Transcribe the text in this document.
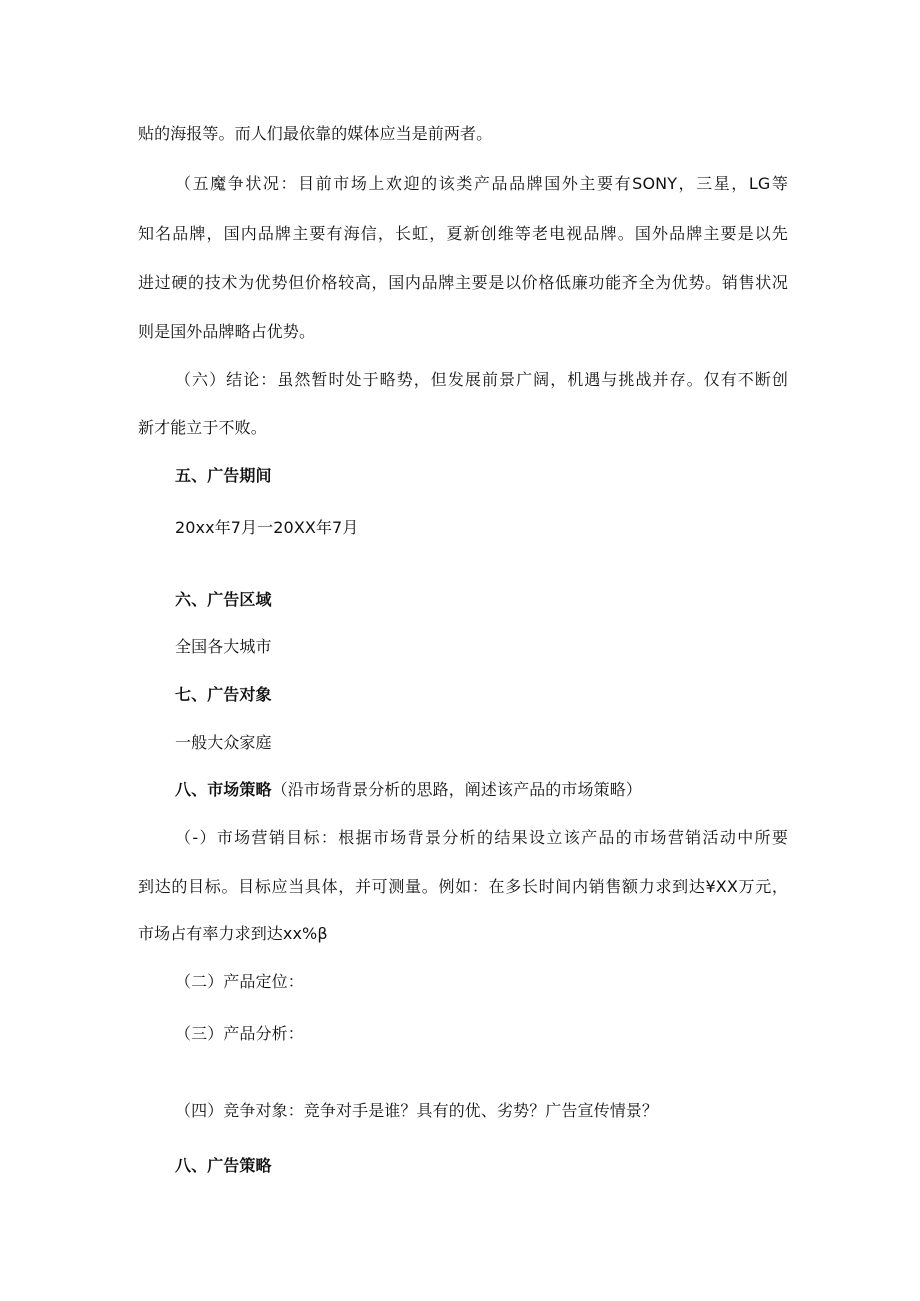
贴的海报等。而人们最依靠的媒体应当是前两者。
（五魔争状况：目前市场上欢迎的该类产品品牌国外主要有SONY，三星，LG等
知名品牌，国内品牌主要有海信，长虹，夏新创维等老电视品牌。国外品牌主要是以先
进过硬的技术为优势但价格较高，国内品牌主要是以价格低廉功能齐全为优势。销售状况
则是国外品牌略占优势。
（六）结论：虽然暂时处于略势，但发展前景广阔，机遇与挑战并存。仅有不断创
新才能立于不败。
五、广告期间
20xx年7月一20XX年7月
六、广告区域
全国各大城市
七、广告对象
一般大众家庭
八、市场策略（沿市场背景分析的思路，阐述该产品的市场策略）
（-）市场营销目标：根据市场背景分析的结果设立该产品的市场营销活动中所要
到达的目标。目标应当具体，并可测量。例如：在多长时间内销售额力求到达¥XX万元，
市场占有率力求到达xx%β
（二）产品定位：
（三）产品分析：
（四）竞争对象：竞争对手是谁？具有的优、劣势？广告宣传情景？
八、广告策略
